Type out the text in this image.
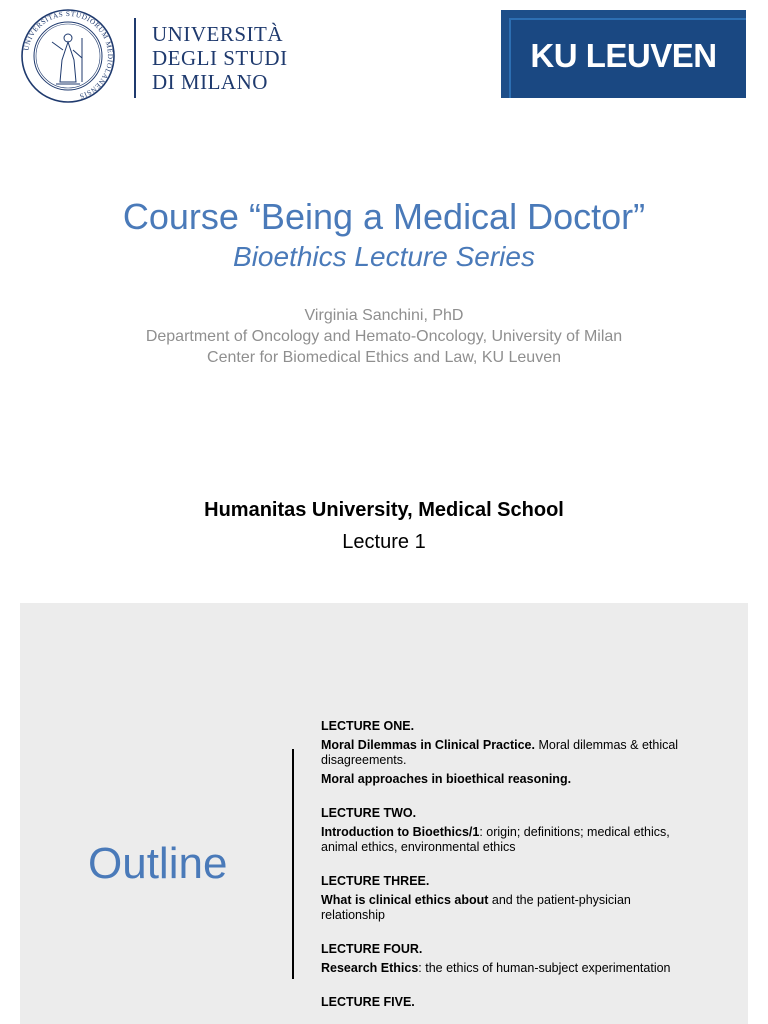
UNIVERSITAS STUDIORUM MEDIOLANENSIS
UNIVERSITÀ
DEGLI STUDI
DI MILANO
KU LEUVEN
Course “Being a Medical Doctor”
Bioethics Lecture Series
Virginia Sanchini, PhD
Department of Oncology and Hemato-Oncology, University of Milan
Center for Biomedical Ethics and Law, KU Leuven
Humanitas University, Medical School
Lecture 1
Outline
LECTURE ONE.

Moral Dilemmas in Clinical Practice. Moral dilemmas & ethical disagreements.

Moral approaches in bioethical reasoning.

LECTURE TWO.

Introduction to Bioethics/1: origin; definitions; medical ethics, animal ethics, environmental ethics

LECTURE THREE.

What is clinical ethics about and the patient-physician relationship

LECTURE FOUR.

Research Ethics: the ethics of human-subject experimentation

LECTURE FIVE.
